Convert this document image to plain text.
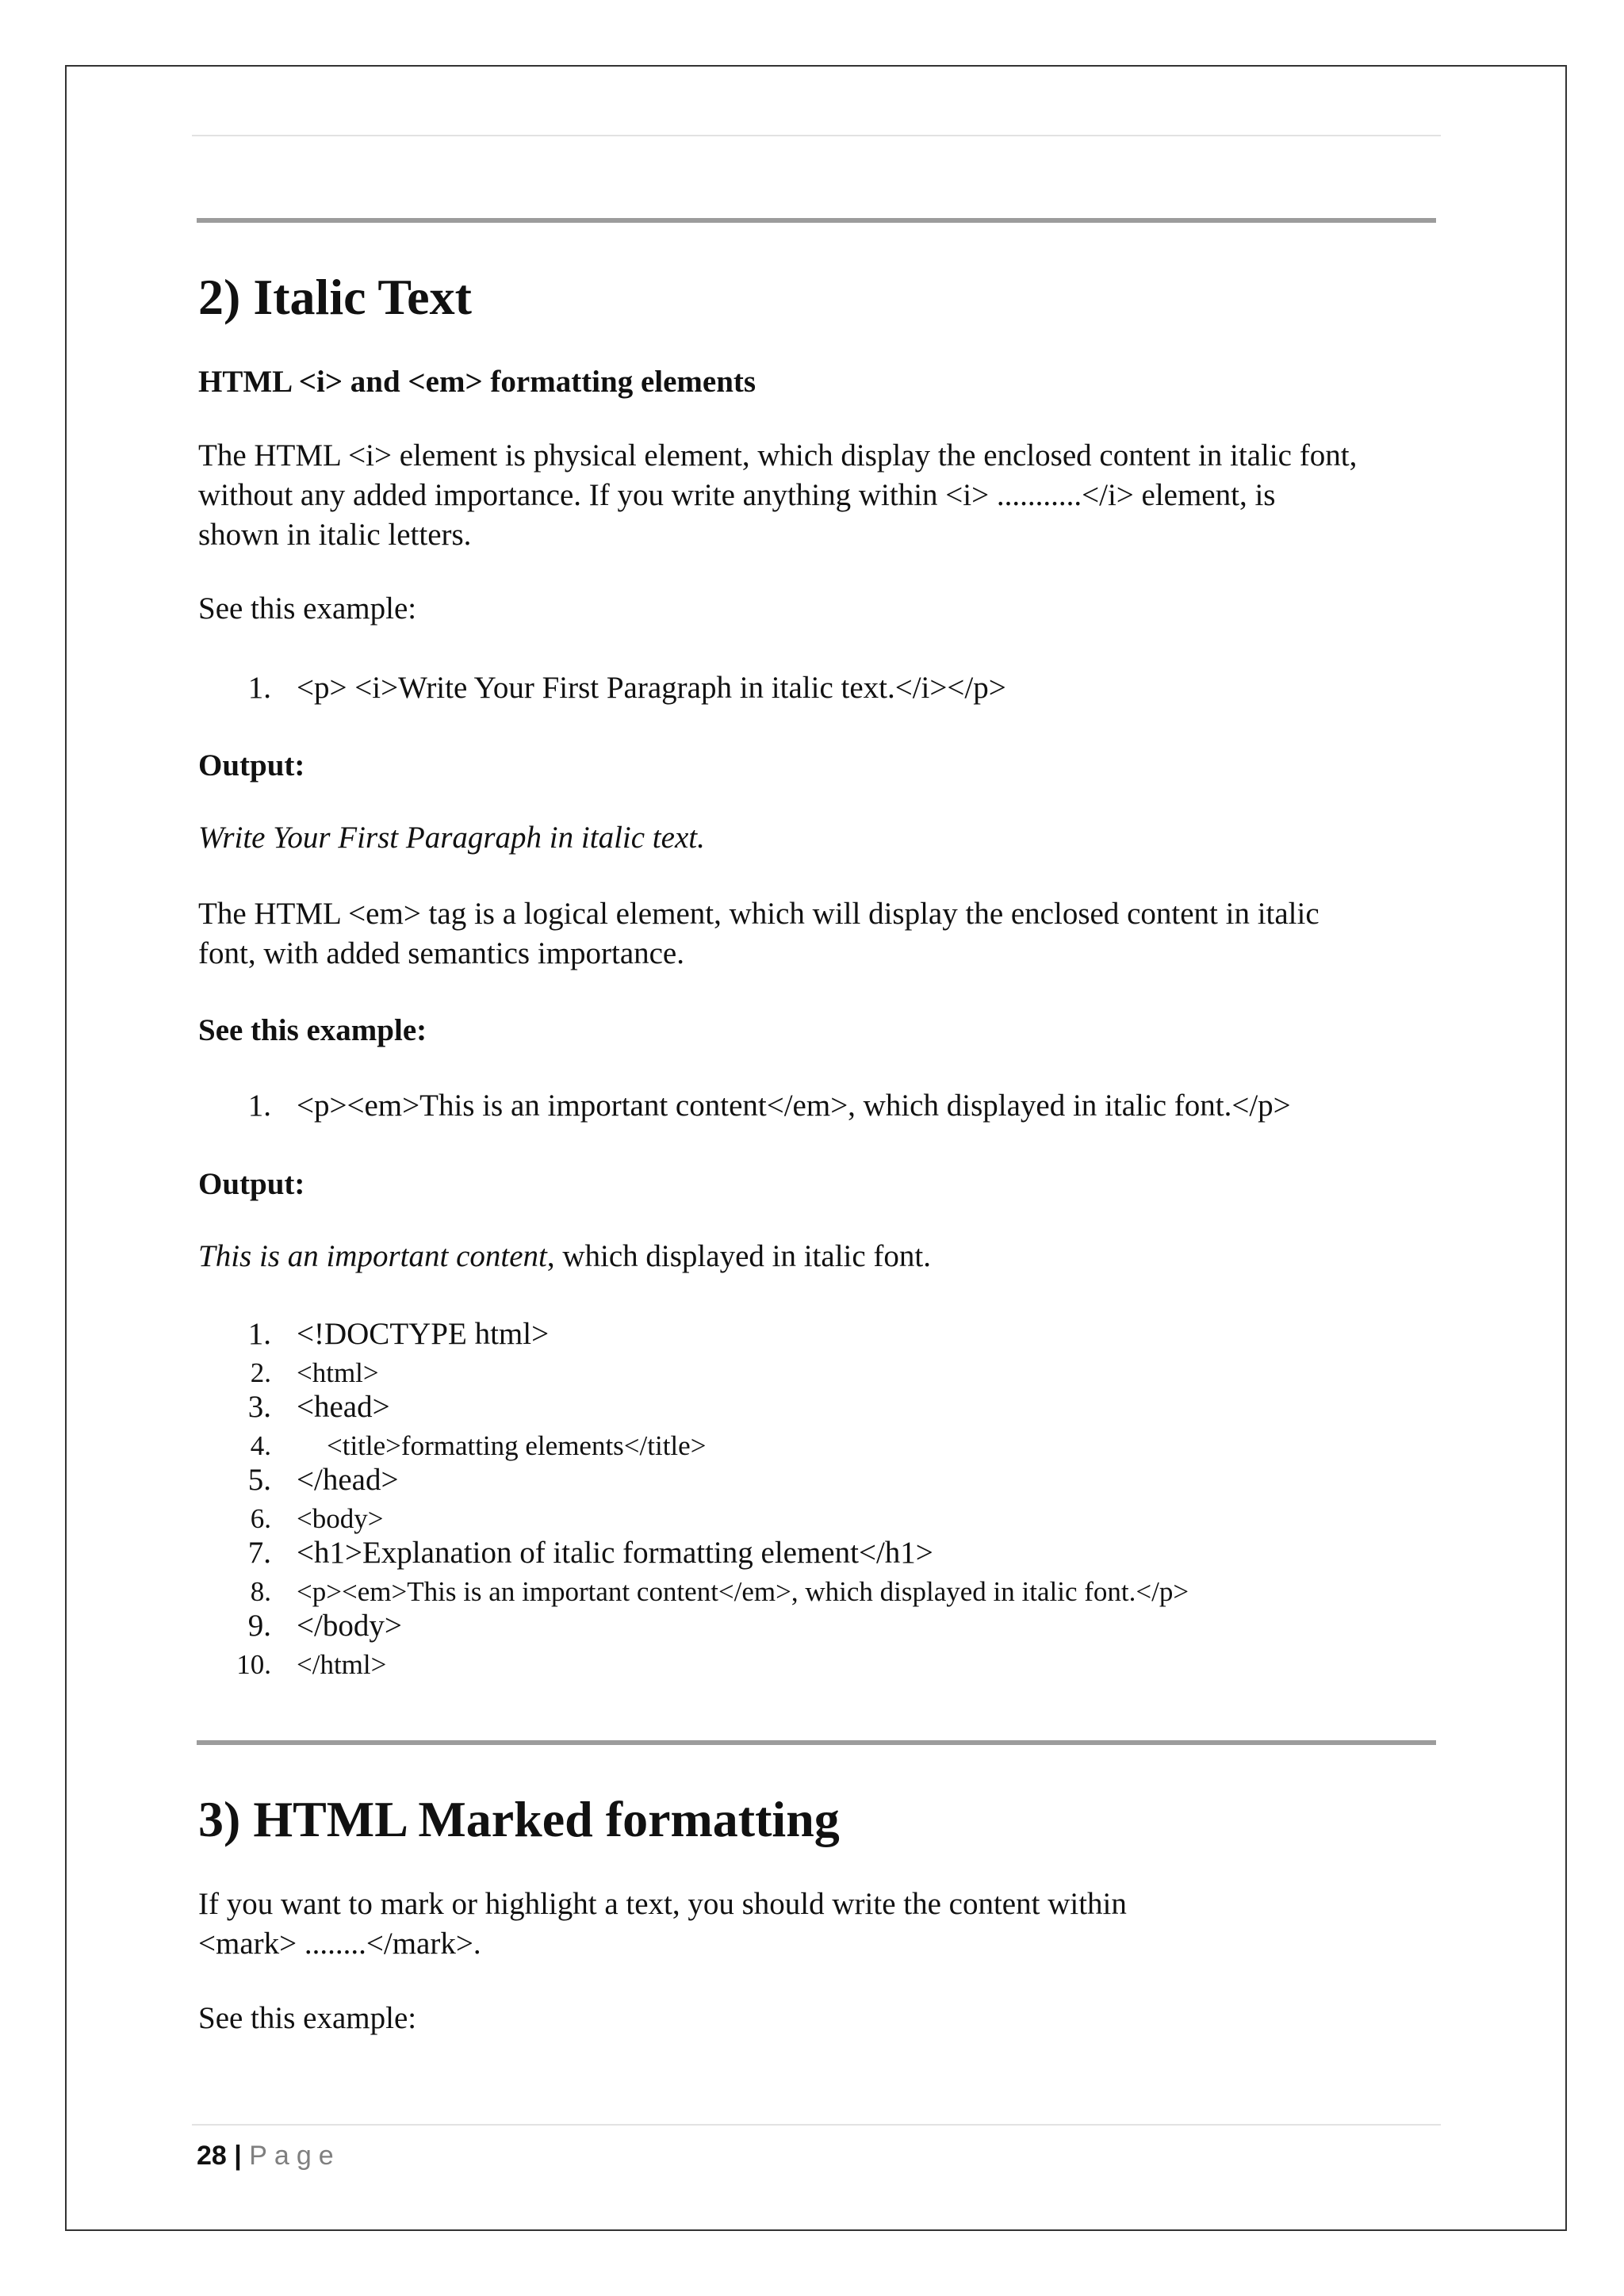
2) Italic Text
HTML <i> and <em> formatting elements
The HTML <i> element is physical element, which display the enclosed content in italic font,
without any added importance. If you write anything within <i> ...........</i> element, is
shown in italic letters.
See this example:
1. <p> <i>Write Your First Paragraph in italic text.</i></p>
Output:
Write Your First Paragraph in italic text.
The HTML <em> tag is a logical element, which will display the enclosed content in italic
font, with added semantics importance.
See this example:
1. <p><em>This is an important content</em>, which displayed in italic font.</p>
Output:
This is an important content, which displayed in italic font.
1. <!DOCTYPE html>
2. <html>
3. <head>
4. <title>formatting elements</title>
5. </head>
6. <body>
7. <h1>Explanation of italic formatting element</h1>
8. <p><em>This is an important content</em>, which displayed in italic font.</p>
9. </body>
10. </html>
3) HTML Marked formatting
If you want to mark or highlight a text, you should write the content within
<mark> ........</mark>.
See this example:
28 | Page
